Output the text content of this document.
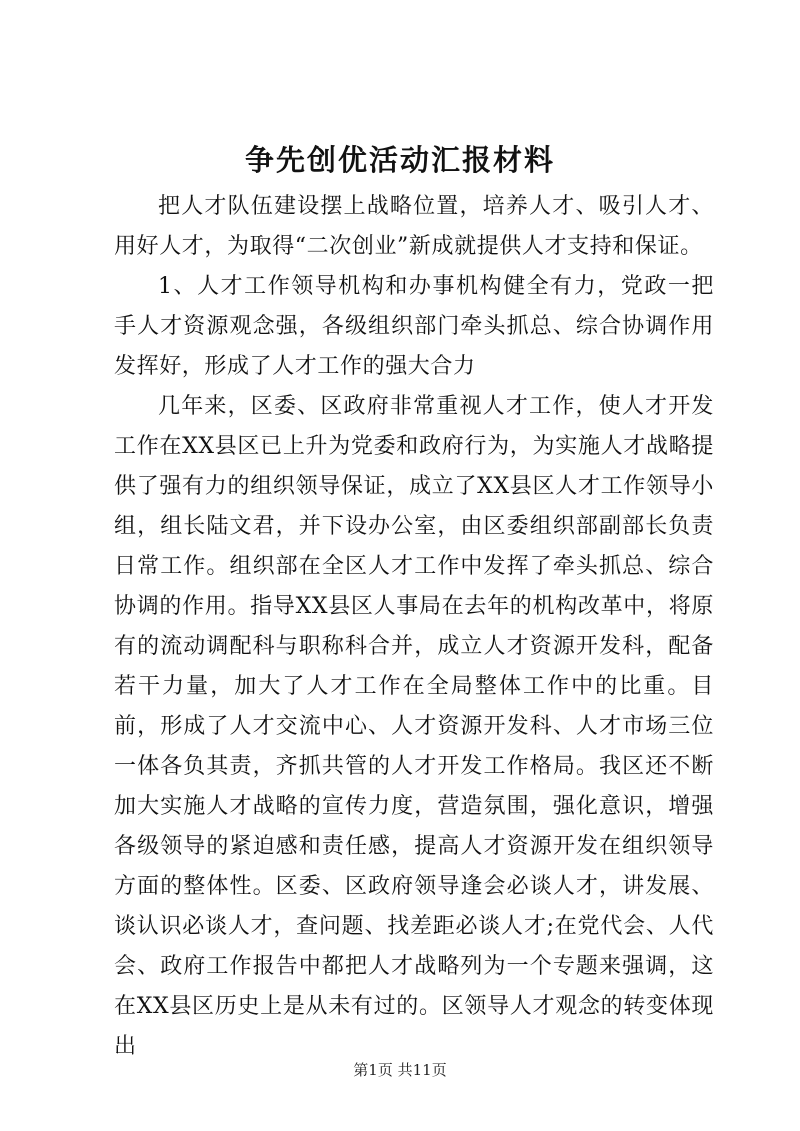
争先创优活动汇报材料

把人才队伍建设摆上战略位置，培养人才、吸引人才、用好人才，为取得“二次创业”新成就提供人才支持和保证。

1、人才工作领导机构和办事机构健全有力，党政一把手人才资源观念强，各级组织部门牵头抓总、综合协调作用发挥好，形成了人才工作的强大合力

几年来，区委、区政府非常重视人才工作，使人才开发工作在XX县区已上升为党委和政府行为，为实施人才战略提供了强有力的组织领导保证，成立了XX县区人才工作领导小组，组长陆文君，并下设办公室，由区委组织部副部长负责日常工作。组织部在全区人才工作中发挥了牵头抓总、综合协调的作用。指导XX县区人事局在去年的机构改革中，将原有的流动调配科与职称科合并，成立人才资源开发科，配备若干力量，加大了人才工作在全局整体工作中的比重。目前，形成了人才交流中心、人才资源开发科、人才市场三位一体各负其责，齐抓共管的人才开发工作格局。我区还不断加大实施人才战略的宣传力度，营造氛围，强化意识，增强各级领导的紧迫感和责任感，提高人才资源开发在组织领导方面的整体性。区委、区政府领导逢会必谈人才，讲发展、谈认识必谈人才，查问题、找差距必谈人才;在党代会、人代会、政府工作报告中都把人才战略列为一个专题来强调，这在XX县区历史上是从未有过的。区领导人才观念的转变体现出

第1页 共11页
